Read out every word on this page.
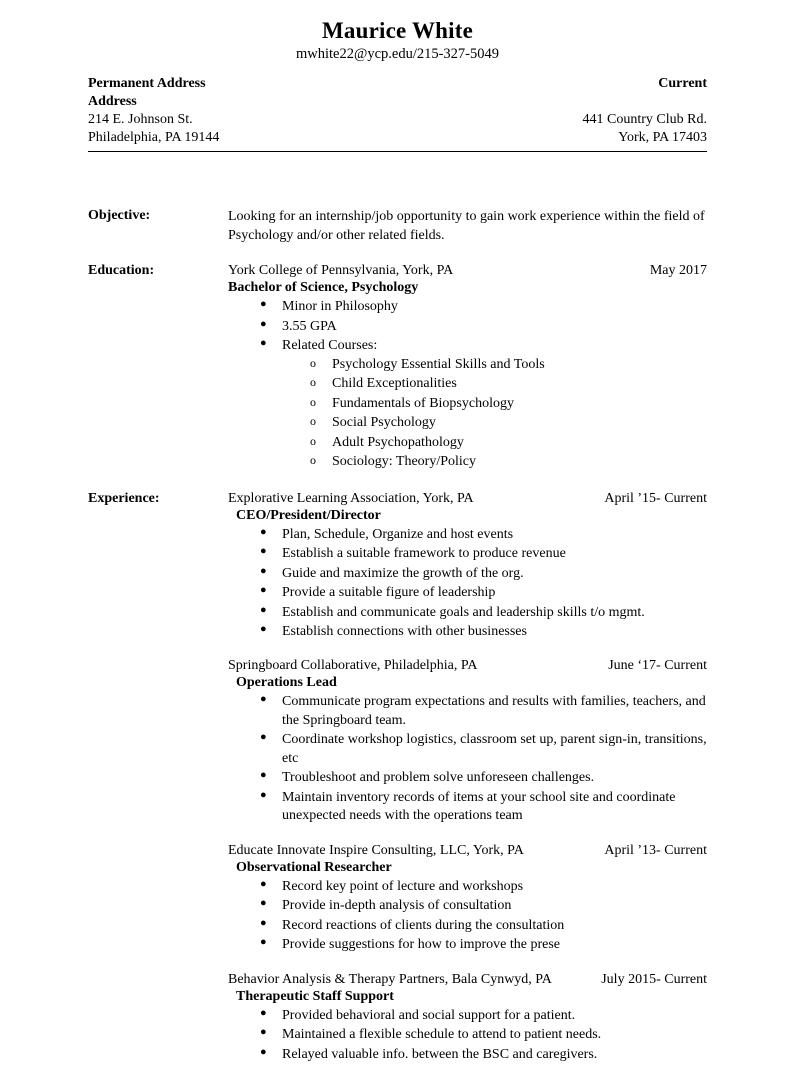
Maurice White
mwhite22@ycp.edu/215-327-5049
Permanent Address	Current
Address

214 E. Johnson St.	441 Country Club Rd.
Philadelphia, PA 19144	York, PA 17403
Objective:	Looking for an internship/job opportunity to gain work experience within the field of Psychology and/or other related fields.
Education:	York College of Pennsylvania, York, PA	May 2017
Bachelor of Science, Psychology
● Minor in Philosophy
● 3.55 GPA
● Related Courses:
o Psychology Essential Skills and Tools
o Child Exceptionalities
o Fundamentals of Biopsychology
o Social Psychology
o Adult Psychopathology
o Sociology: Theory/Policy
Experience:	Explorative Learning Association, York, PA	April ’15- Current
CEO/President/Director
● Plan, Schedule, Organize and host events
● Establish a suitable framework to produce revenue
● Guide and maximize the growth of the org.
● Provide a suitable figure of leadership
● Establish and communicate goals and leadership skills t/o mgmt.
● Establish connections with other businesses
Springboard Collaborative, Philadelphia, PA	June ‘17- Current
Operations Lead
● Communicate program expectations and results with families, teachers, and the Springboard team.
● Coordinate workshop logistics, classroom set up, parent sign-in, transitions, etc
● Troubleshoot and problem solve unforeseen challenges.
● Maintain inventory records of items at your school site and coordinate unexpected needs with the operations team
Educate Innovate Inspire Consulting, LLC, York, PA	April ’13- Current
Observational Researcher
● Record key point of lecture and workshops
● Provide in-depth analysis of consultation
● Record reactions of clients during the consultation
● Provide suggestions for how to improve the prese
Behavior Analysis & Therapy Partners, Bala Cynwyd, PA	July 2015- Current
Therapeutic Staff Support
● Provided behavioral and social support for a patient.
● Maintained a flexible schedule to attend to patient needs.
● Relayed valuable info. between the BSC and caregivers.
